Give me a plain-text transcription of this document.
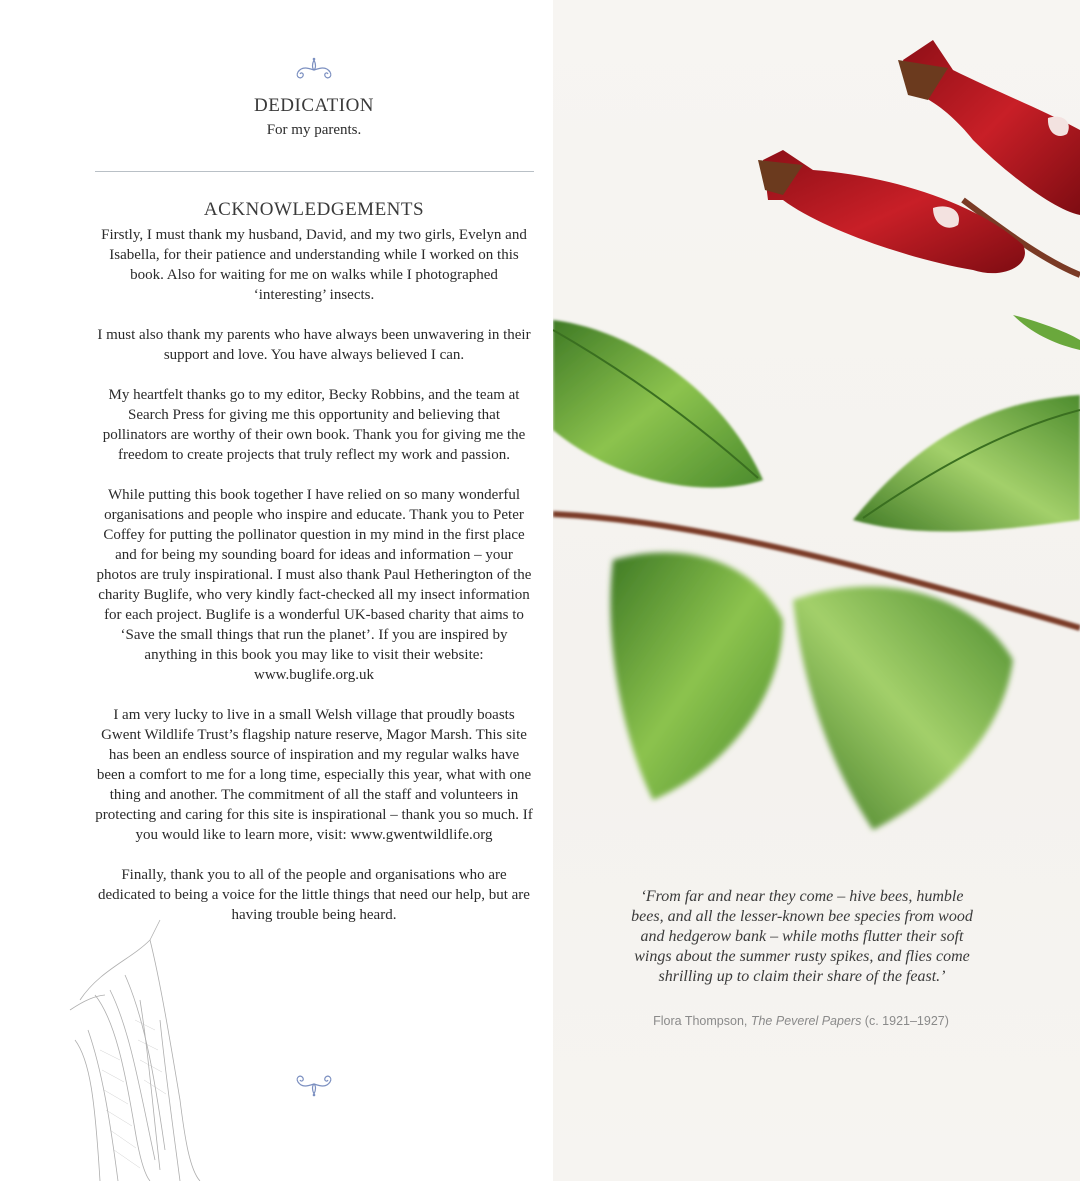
DEDICATION
For my parents.
ACKNOWLEDGEMENTS

Firstly, I must thank my husband, David, and my two girls, Evelyn and Isabella, for their patience and understanding while I worked on this book. Also for waiting for me on walks while I photographed ‘interesting’ insects.

I must also thank my parents who have always been unwavering in their support and love. You have always believed I can.

My heartfelt thanks go to my editor, Becky Robbins, and the team at Search Press for giving me this opportunity and believing that pollinators are worthy of their own book. Thank you for giving me the freedom to create projects that truly reflect my work and passion.

While putting this book together I have relied on so many wonderful organisations and people who inspire and educate. Thank you to Peter Coffey for putting the pollinator question in my mind in the first place and for being my sounding board for ideas and information – your photos are truly inspirational. I must also thank Paul Hetherington of the charity Buglife, who very kindly fact-checked all my insect information for each project. Buglife is a wonderful UK-based charity that aims to ‘Save the small things that run the planet’. If you are inspired by anything in this book you may like to visit their website: www.buglife.org.uk

I am very lucky to live in a small Welsh village that proudly boasts Gwent Wildlife Trust’s flagship nature reserve, Magor Marsh. This site has been an endless source of inspiration and my regular walks have been a comfort to me for a long time, especially this year, what with one thing and another. The commitment of all the staff and volunteers in protecting and caring for this site is inspirational – thank you so much. If you would like to learn more, visit: www.gwentwildlife.org

Finally, thank you to all of the people and organisations who are dedicated to being a voice for the little things that need our help, but are having trouble being heard.

‘From far and near they come – hive bees, humble bees, and all the lesser-known bee species from wood and hedgerow bank – while moths flutter their soft wings about the summer rusty spikes, and flies come shrilling up to claim their share of the feast.’
Flora Thompson, The Peverel Papers (c. 1921–1927)
